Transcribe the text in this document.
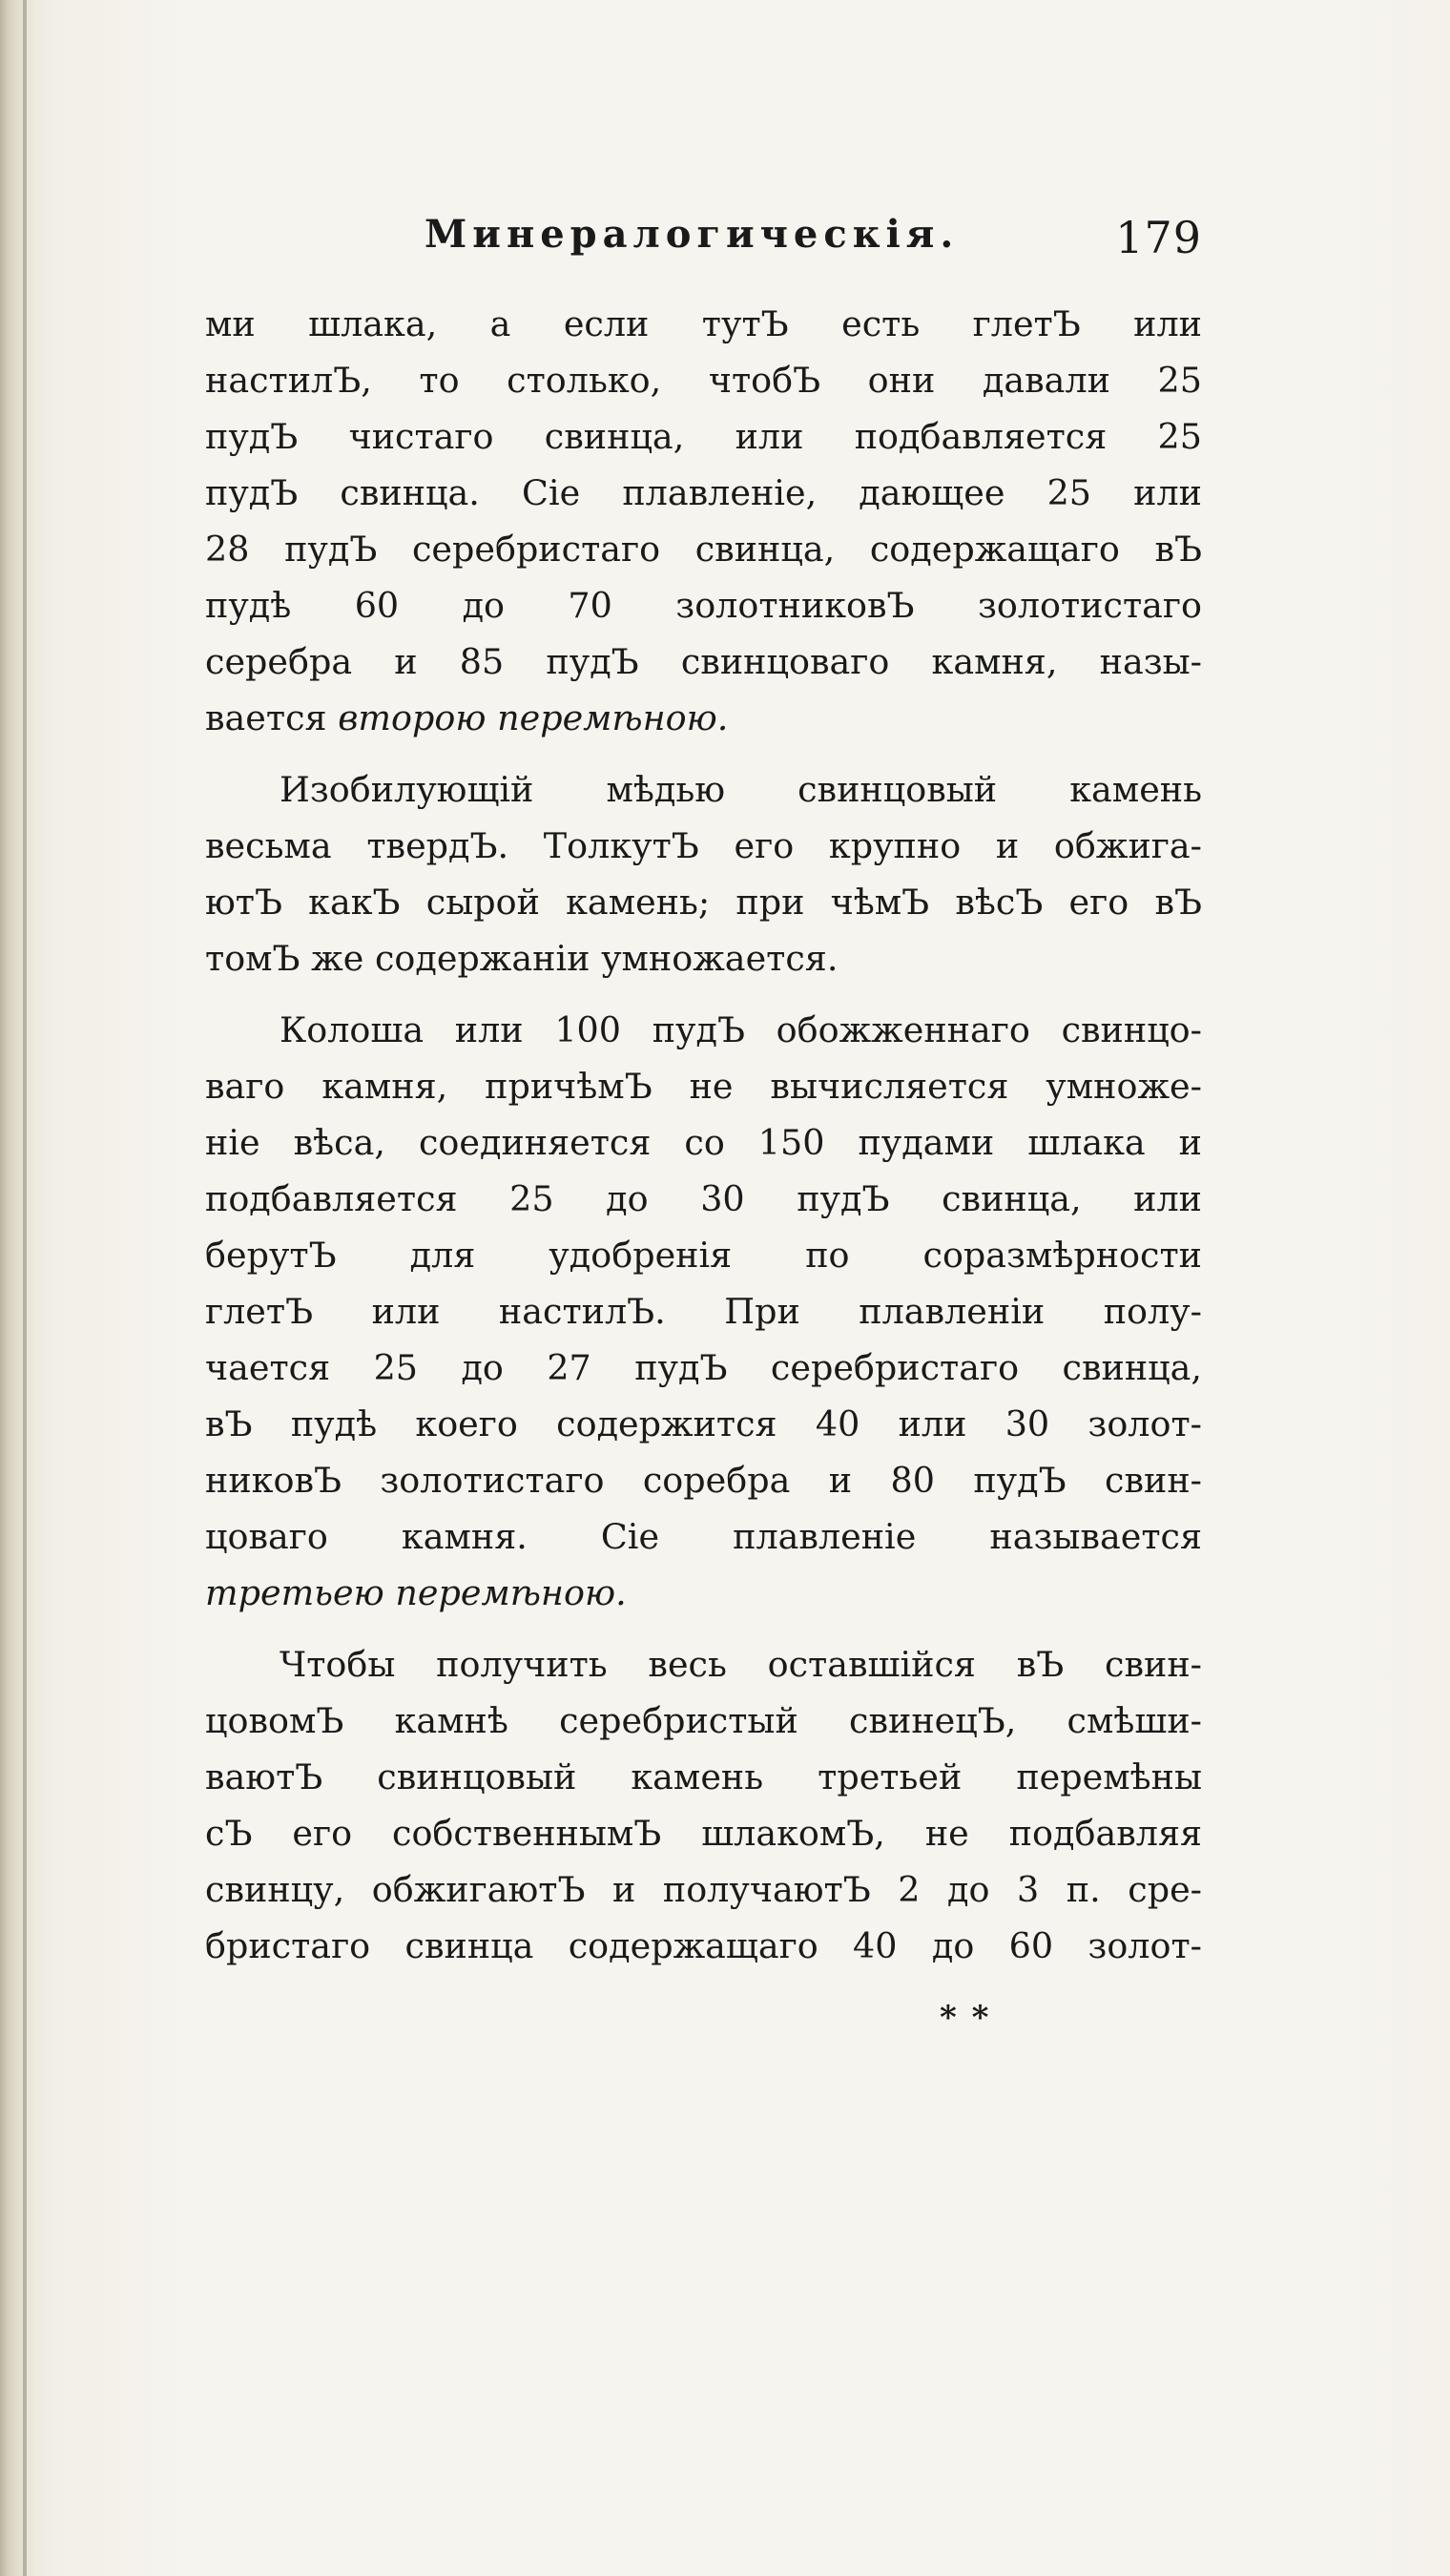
Минералогическія.	179
ми шлака, а если тутЪ есть глетЪ или
настилЪ, то столько, чтобЪ они давали 25
пудЪ чистаго свинца, или подбавляется 25
пудЪ свинца. Сіе плавленіе, дающее 25 или
28 пудЪ серебристаго свинца, содержащаго вЪ
пудѣ 60 до 70 золотниковЪ золотистаго
серебра и 85 пудЪ свинцоваго камня, назы-
вается второю перемѣною.
Изобилующій мѣдью свинцовый камень
весьма твердЪ. ТолкутЪ его крупно и обжига-
ютЪ какЪ сырой камень; при чѣмЪ вѣсЪ его вЪ
томЪ же содержаніи умножается.
Колоша или 100 пудЪ обожженнаго свинцо-
ваго камня, причѣмЪ не вычисляется умноже-
ніе вѣса, соединяется со 150 пудами шлака и
подбавляется 25 до 30 пудЪ свинца, или
берутЪ для удобренія по соразмѣрности
глетЪ или настилЪ. При плавленіи полу-
чается 25 до 27 пудЪ серебристаго свинца,
вЪ пудѣ коего содержится 40 или 30 золот-
никовЪ золотистаго соребра и 80 пудЪ свин-
цоваго камня. Сіе плавленіе называется
третьею перемѣною.
Чтобы получить весь оставшійся вЪ свин-
цовомЪ камнѣ серебристый свинецЪ, смѣши-
ваютЪ свинцовый камень третьей перемѣны
сЪ его собственнымЪ шлакомЪ, не подбавляя
свинцу, обжигаютЪ и получаютЪ 2 до 3 п. сре-
бристаго свинца содержащаго 40 до 60 золот-
* *
